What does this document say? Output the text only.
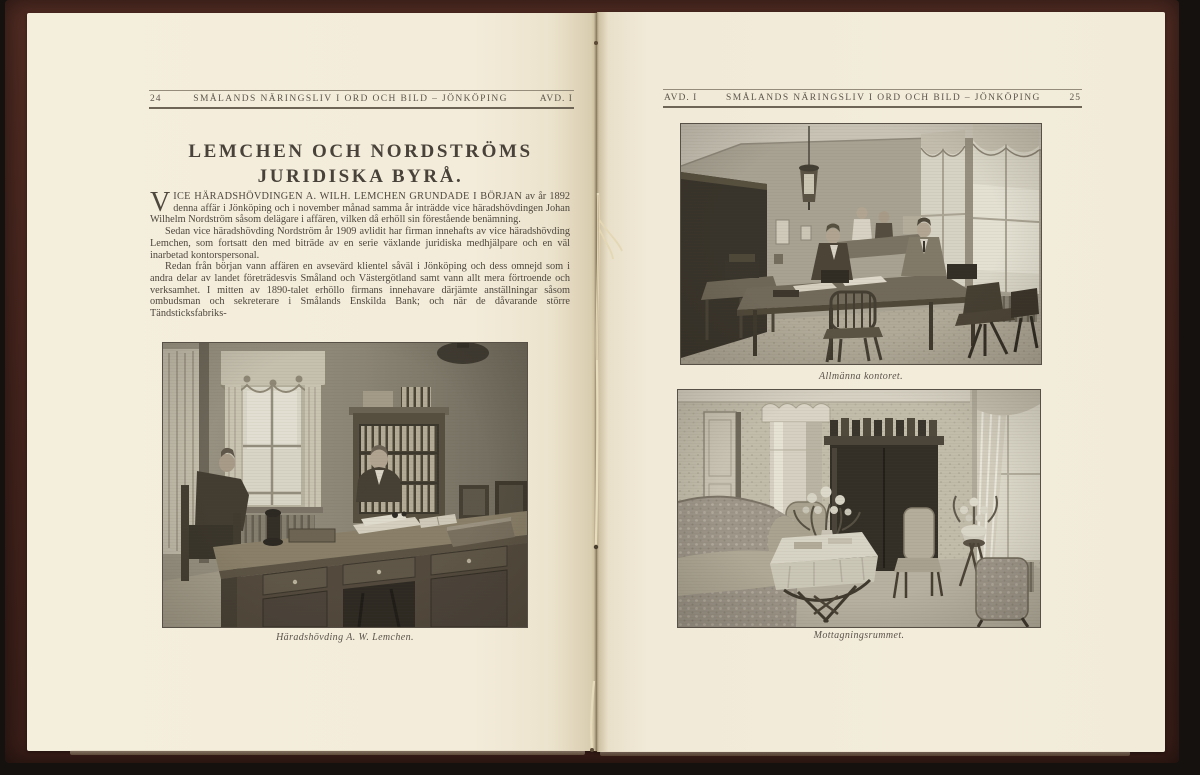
24	SMÅLANDS NÄRINGSLIV I ORD OCH BILD – JÖNKÖPING	AVD. I
LEMCHEN OCH NORDSTRÖMS
JURIDISKA BYRÅ.

VICE HÄRADSHÖVDINGEN A. WILH. LEMCHEN GRUNDADE I BÖRJAN av år 1892 denna affär i Jönköping och i november månad samma år inträdde vice häradshövdingen Johan Wilhelm Nordström såsom delägare i affären, vilken då erhöll sin förestående benämning.

Sedan vice häradshövding Nordström år 1909 avlidit har firman innehafts av vice häradshövding Lemchen, som fortsatt den med biträde av en serie växlande juridiska medhjälpare och en väl inarbetad kontorspersonal.

Redan från början vann affären en avsevärd klientel såväl i Jönköping och dess omnejd som i andra delar av landet företrädesvis Småland och Västergötland samt vann allt mera förtroende och verksamhet. I mitten av 1890-talet erhöllo firmans innehavare därjämte anställningar såsom ombudsman och sekreterare i Smålands Enskilda Bank; och när de dåvarande större Tändsticksfabriks-

Häradshövding A. W. Lemchen.
AVD. I	SMÅLANDS NÄRINGSLIV I ORD OCH BILD – JÖNKÖPING	25
Allmänna kontoret.
Mottagningsrummet.
